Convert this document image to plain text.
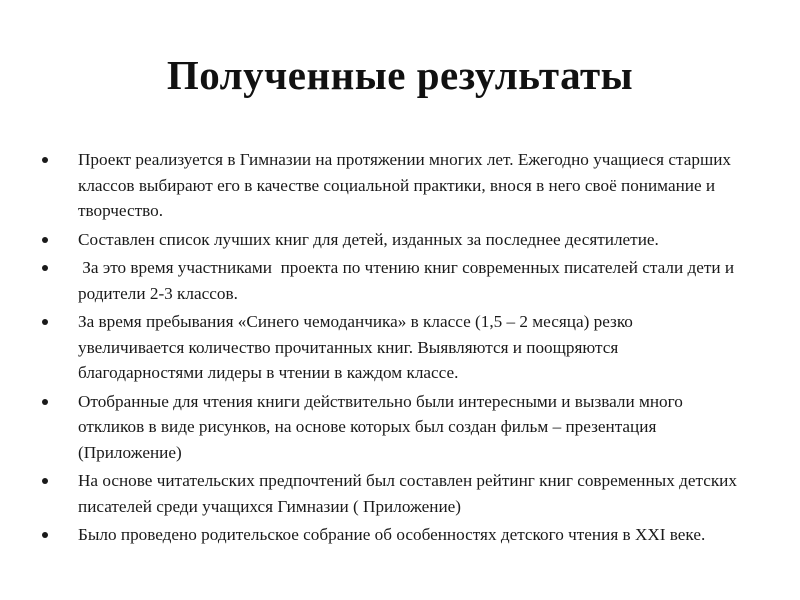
Полученные результаты
Проект реализуется в Гимназии на протяжении многих лет. Ежегодно учащиеся старших классов выбирают его в качестве социальной практики, внося в него своё понимание и творчество.
Составлен список лучших книг для детей, изданных за последнее десятилетие.
За это время участниками  проекта по чтению книг современных писателей стали дети и родители 2-3 классов.
За время пребывания «Синего чемоданчика» в классе (1,5 – 2 месяца) резко увеличивается количество прочитанных книг. Выявляются и поощряются благодарностями лидеры в чтении в каждом классе.
Отобранные для чтения книги действительно были интересными и вызвали много откликов в виде рисунков, на основе которых был создан фильм – презентация (Приложение)
На основе читательских предпочтений был составлен рейтинг книг современных детских писателей среди учащихся Гимназии ( Приложение)
Было проведено родительское собрание об особенностях детского чтения в XXI веке.
